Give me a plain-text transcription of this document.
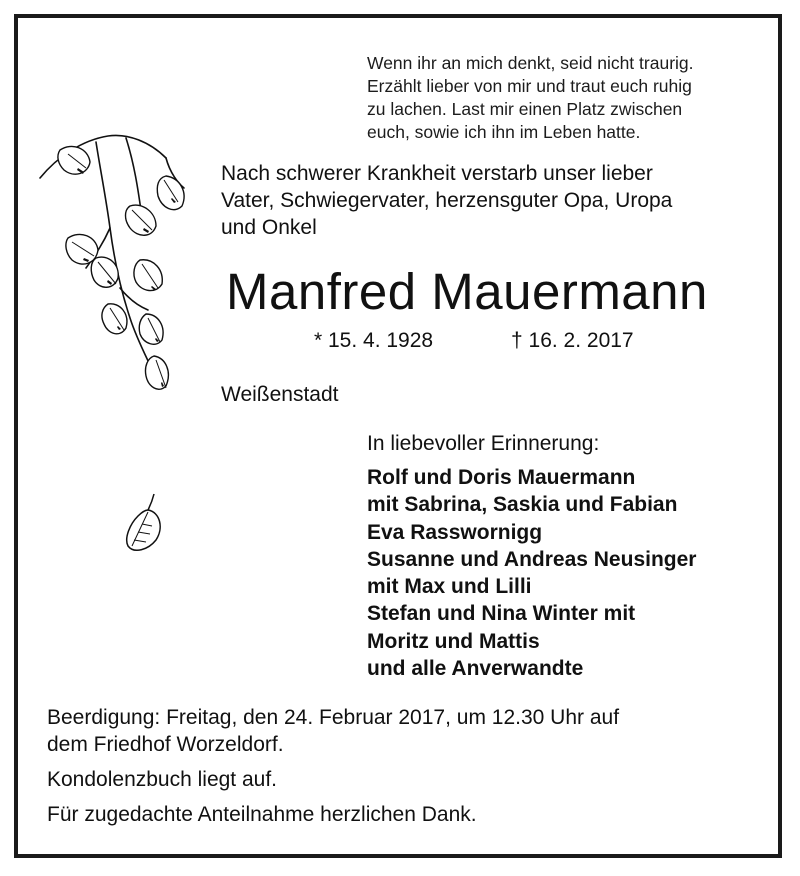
Wenn ihr an mich denkt, seid nicht traurig.
Erzählt lieber von mir und traut euch ruhig
zu lachen. Last mir einen Platz zwischen
euch, sowie ich ihn im Leben hatte.
Nach schwerer Krankheit verstarb unser lieber
Vater, Schwiegervater, herzensguter Opa, Uropa
und Onkel
Manfred Mauermann
* 15. 4. 1928	† 16. 2. 2017
Weißenstadt
In liebevoller Erinnerung:
Rolf und Doris Mauermann
mit Sabrina, Saskia und Fabian
Eva Rasswornigg
Susanne und Andreas Neusinger
mit Max und Lilli
Stefan und Nina Winter mit
Moritz und Mattis
und alle Anverwandte
Beerdigung: Freitag, den 24. Februar 2017, um 12.30 Uhr auf
dem Friedhof Worzeldorf.
Kondolenzbuch liegt auf.
Für zugedachte Anteilnahme herzlichen Dank.
